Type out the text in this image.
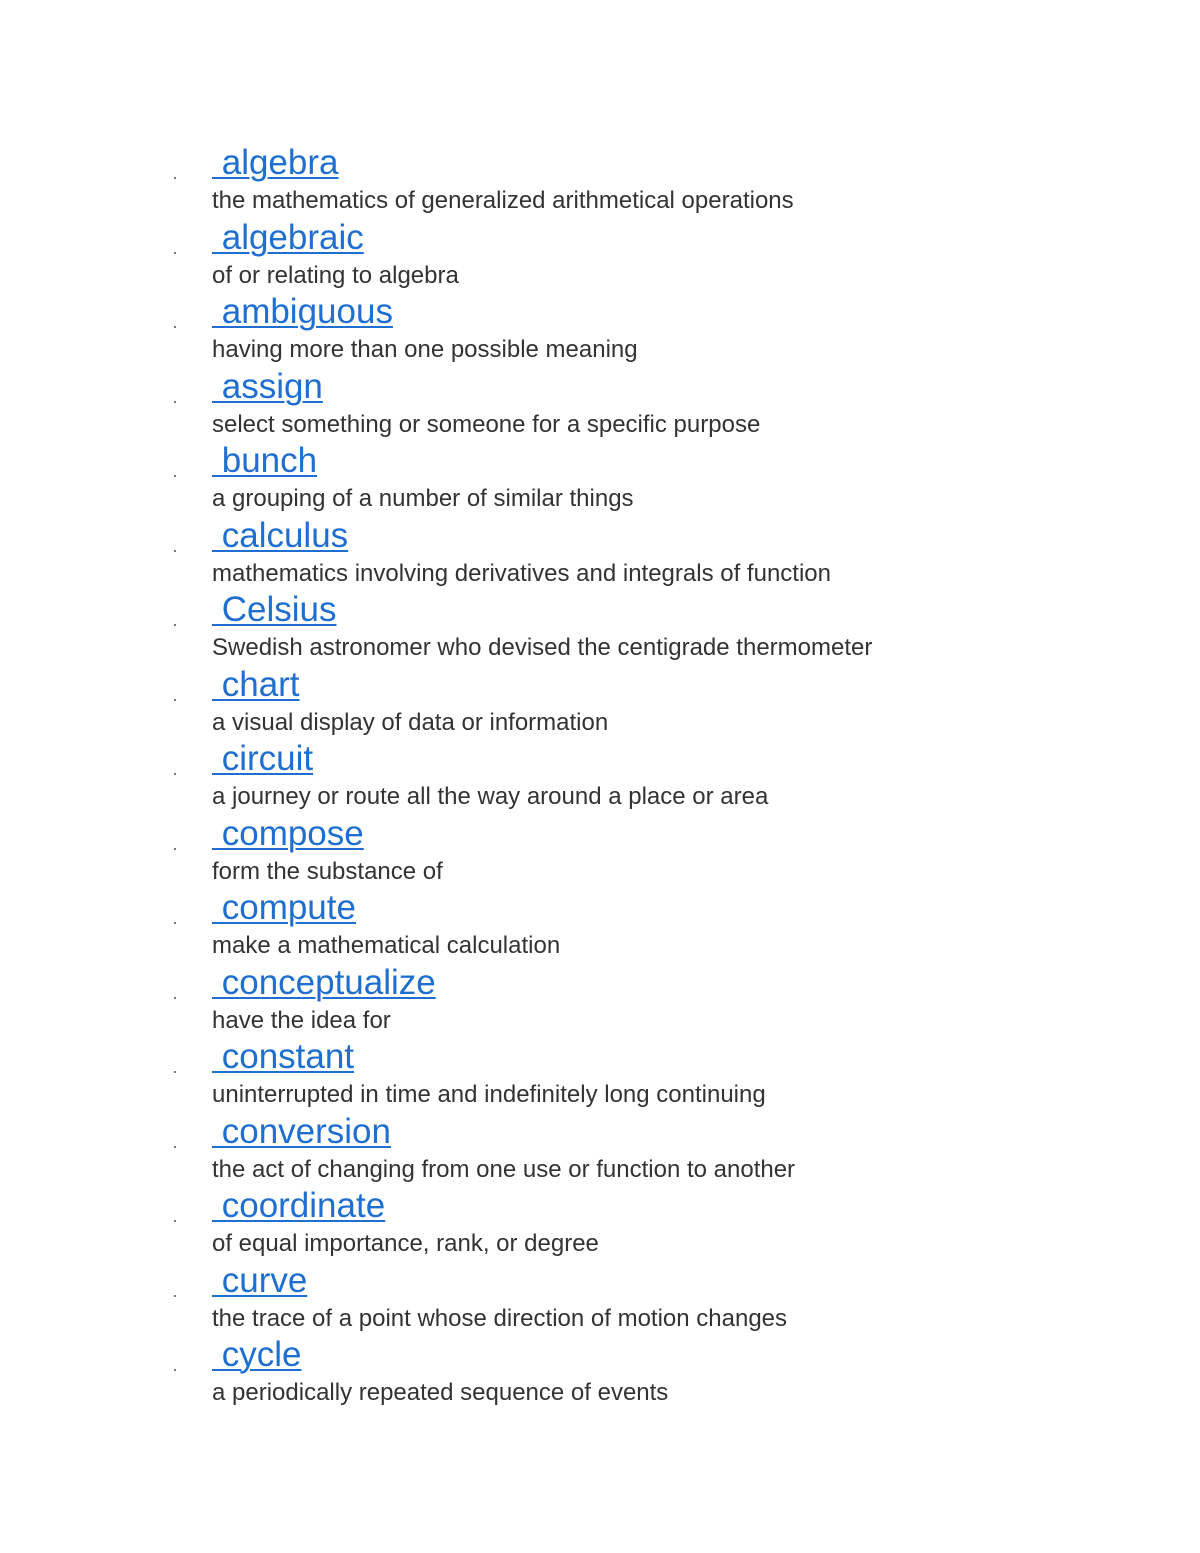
algebra
the mathematics of generalized arithmetical operations
algebraic
of or relating to algebra
ambiguous
having more than one possible meaning
assign
select something or someone for a specific purpose
bunch
a grouping of a number of similar things
calculus
mathematics involving derivatives and integrals of function
Celsius
Swedish astronomer who devised the centigrade thermometer
chart
a visual display of data or information
circuit
a journey or route all the way around a place or area
compose
form the substance of
compute
make a mathematical calculation
conceptualize
have the idea for
constant
uninterrupted in time and indefinitely long continuing
conversion
the act of changing from one use or function to another
coordinate
of equal importance, rank, or degree
curve
the trace of a point whose direction of motion changes
cycle
a periodically repeated sequence of events
